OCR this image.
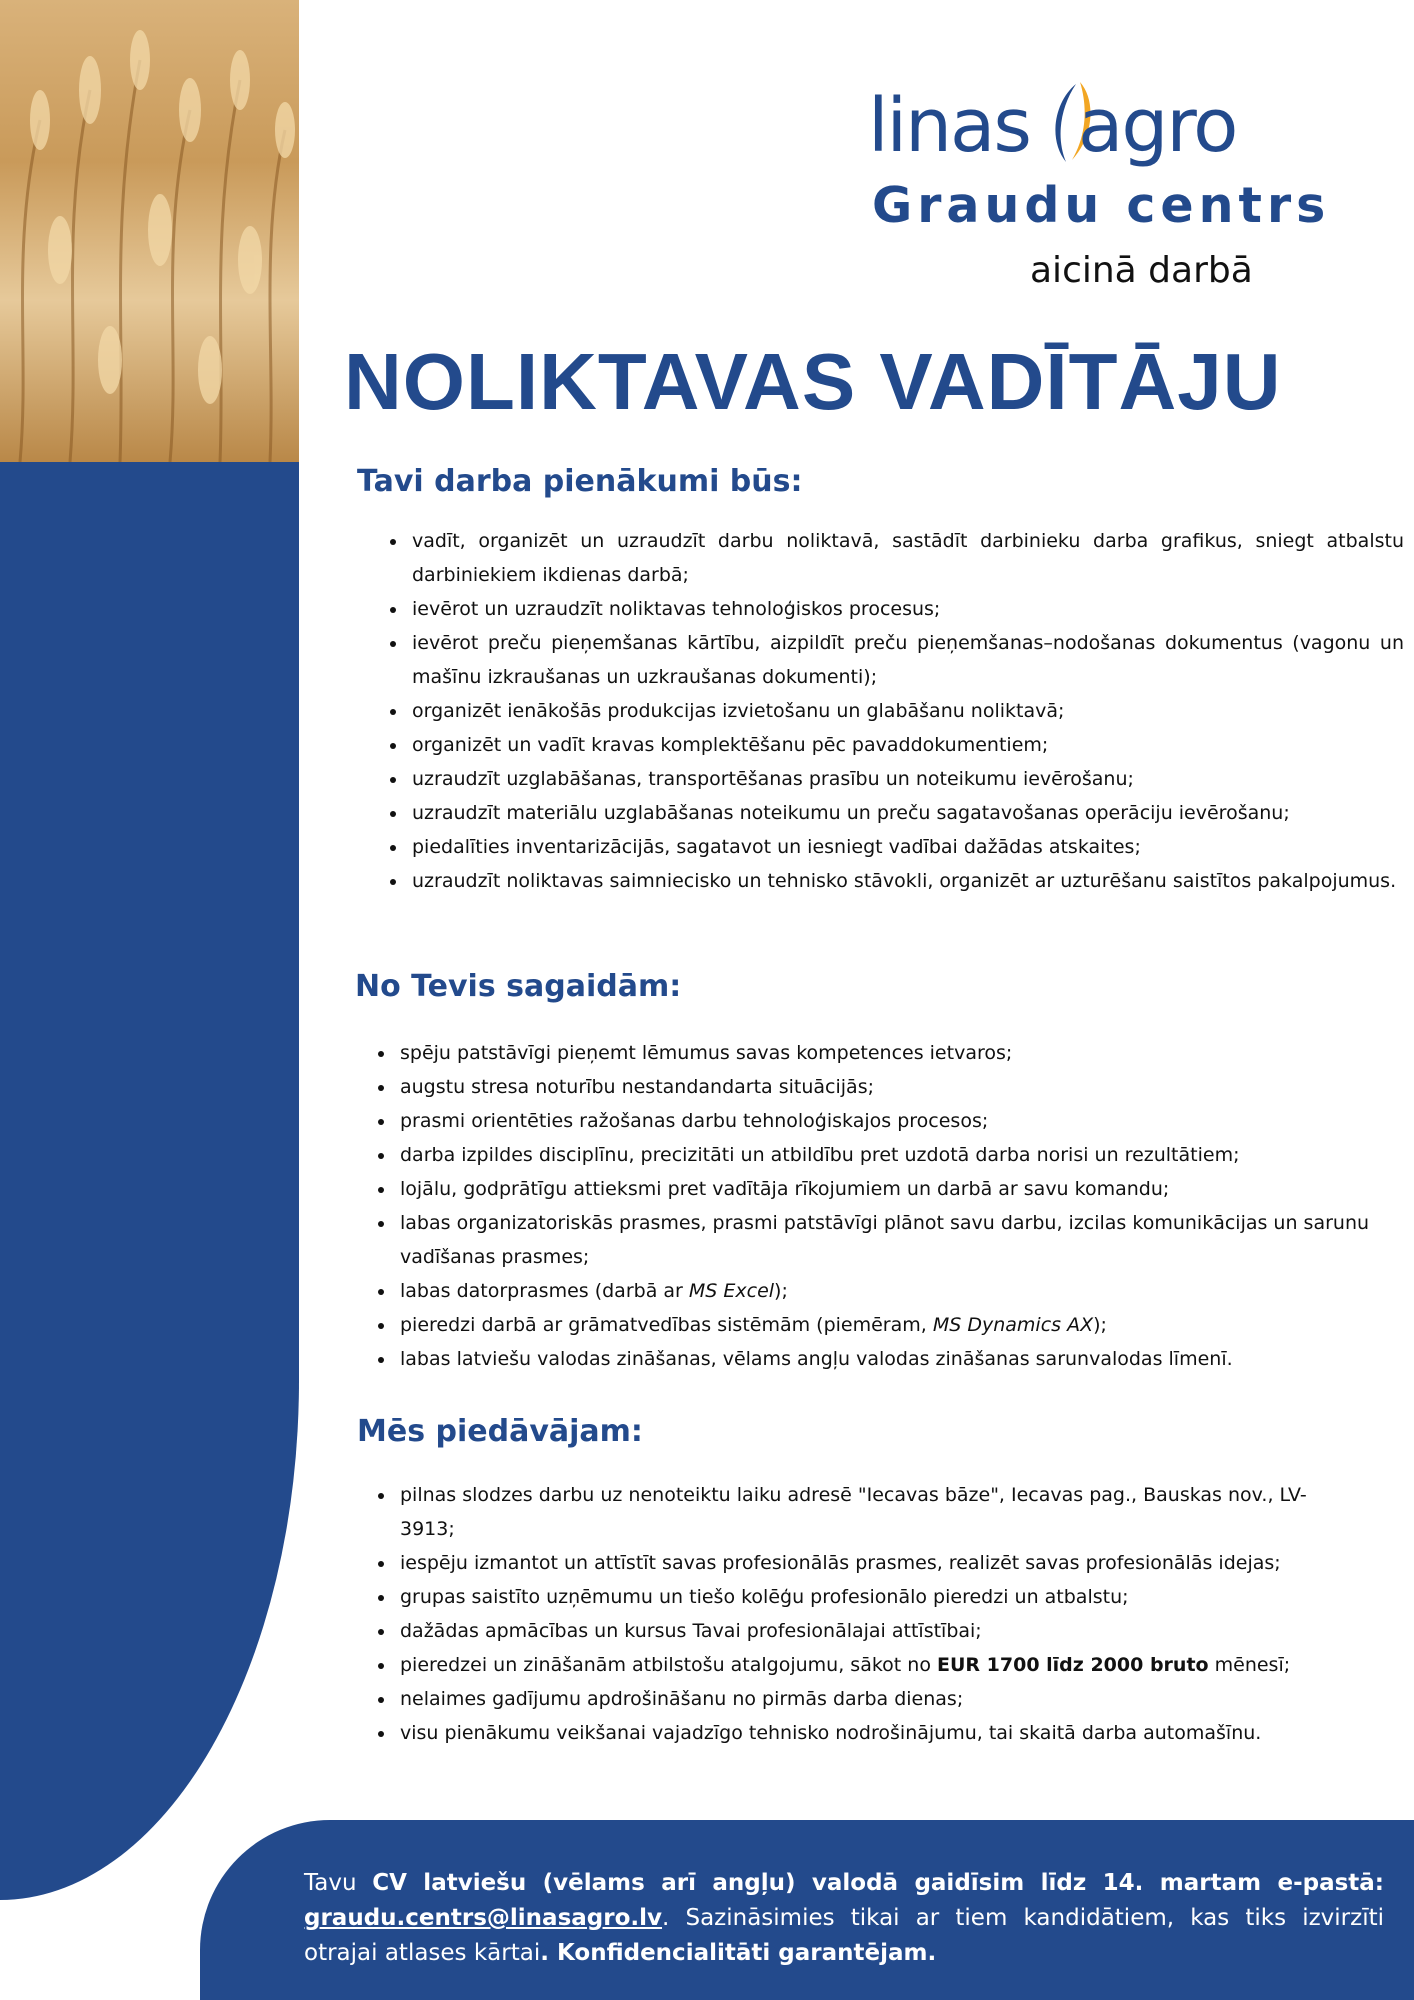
linas agro
Graudu centrs
aicinā darbā
NOLIKTAVAS VADĪTĀJU
Tavi darba pienākumi būs:
• vadīt, organizēt un uzraudzīt darbu noliktavā, sastādīt darbinieku darba grafikus, sniegt atbalstu darbiniekiem ikdienas darbā;
• ievērot un uzraudzīt noliktavas tehnoloģiskos procesus;
• ievērot preču pieņemšanas kārtību, aizpildīt preču pieņemšanas–nodošanas dokumentus (vagonu un mašīnu izkraušanas un uzkraušanas dokumenti);
• organizēt ienākošās produkcijas izvietošanu un glabāšanu noliktavā;
• organizēt un vadīt kravas komplektēšanu pēc pavaddokumentiem;
• uzraudzīt uzglabāšanas, transportēšanas prasību un noteikumu ievērošanu;
• uzraudzīt materiālu uzglabāšanas noteikumu un preču sagatavošanas operāciju ievērošanu;
• piedalīties inventarizācijās, sagatavot un iesniegt vadībai dažādas atskaites;
• uzraudzīt noliktavas saimniecisko un tehnisko stāvokli, organizēt ar uzturēšanu saistītos pakalpojumus.
No Tevis sagaidām:
• spēju patstāvīgi pieņemt lēmumus savas kompetences ietvaros;
• augstu stresa noturību nestandandarta situācijās;
• prasmi orientēties ražošanas darbu tehnoloģiskajos procesos;
• darba izpildes disciplīnu, precizitāti un atbildību pret uzdotā darba norisi un rezultātiem;
• lojālu, godprātīgu attieksmi pret vadītāja rīkojumiem un darbā ar savu komandu;
• labas organizatoriskās prasmes, prasmi patstāvīgi plānot savu darbu, izcilas komunikācijas un sarunu vadīšanas prasmes;
• labas datorprasmes (darbā ar MS Excel);
• pieredzi darbā ar grāmatvedības sistēmām (piemēram, MS Dynamics AX);
• labas latviešu valodas zināšanas, vēlams angļu valodas zināšanas sarunvalodas līmenī.
Mēs piedāvājam:
• pilnas slodzes darbu uz nenoteiktu laiku adresē "Iecavas bāze", Iecavas pag., Bauskas nov., LV-3913;
• iespēju izmantot un attīstīt savas profesionālās prasmes, realizēt savas profesionālās idejas;
• grupas saistīto uzņēmumu un tiešo kolēģu profesionālo pieredzi un atbalstu;
• dažādas apmācības un kursus Tavai profesionālajai attīstībai;
• pieredzei un zināšanām atbilstošu atalgojumu, sākot no EUR 1700 līdz 2000 bruto mēnesī;
• nelaimes gadījumu apdrošināšanu no pirmās darba dienas;
• visu pienākumu veikšanai vajadzīgo tehnisko nodrošinājumu, tai skaitā darba automašīnu.
Tavu CV latviešu (vēlams arī angļu) valodā gaidīsim līdz 14. martam e-pastā: graudu.centrs@linasagro.lv. Sazināsimies tikai ar tiem kandidātiem, kas tiks izvirzīti otrajai atlases kārtai. Konfidencialitāti garantējam.
